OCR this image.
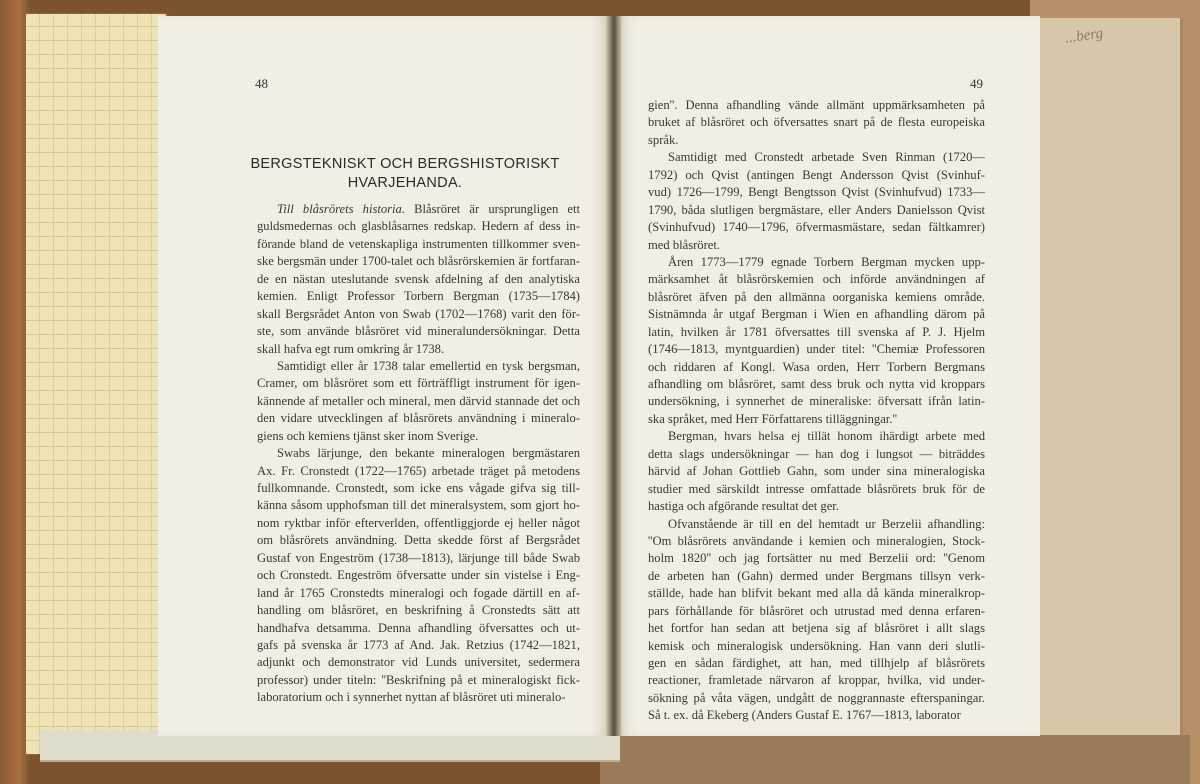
...berg
48	49
BERGSTEKNISKT OCH BERGSHISTORISKT
HVARJEHANDA.
Till blåsrörets historia. Blåsröret är ursprungligen ett
guldsmedernas och glasblåsarnes redskap. Hedern af dess in-
förande bland de vetenskapliga instrumenten tillkommer sven-
ske bergsmän under 1700-talet och blåsrörskemien är fortfaran-
de en nästan uteslutande svensk afdelning af den analytiska
kemien. Enligt Professor Torbern Bergman (1735—1784)
skall Bergsrådet Anton von Swab (1702—1768) varit den för-
ste, som använde blåsröret vid mineralundersökningar. Detta
skall hafva egt rum omkring år 1738.
Samtidigt eller år 1738 talar emellertid en tysk bergsman,
Cramer, om blåsröret som ett förträffligt instrument för igen-
kännende af metaller och mineral, men därvid stannade det och
den vidare utvecklingen af blåsrörets användning i mineralo-
giens och kemiens tjänst sker inom Sverige.
Swabs lärjunge, den bekante mineralogen bergmästaren
Ax. Fr. Cronstedt (1722—1765) arbetade träget på metodens
fullkomnande. Cronstedt, som icke ens vågade gifva sig till-
känna såsom upphofsman till det mineralsystem, som gjort ho-
nom ryktbar inför efterverlden, offentliggjorde ej heller något
om blåsrörets användning. Detta skedde först af Bergsrådet
Gustaf von Engeström (1738—1813), lärjunge till både Swab
och Cronstedt. Engeström öfversatte under sin vistelse i Eng-
land år 1765 Cronstedts mineralogi och fogade därtill en af-
handling om blåsröret, en beskrifning å Cronstedts sätt att
handhafva detsamma. Denna afhandling öfversattes och ut-
gafs på svenska år 1773 af And. Jak. Retzius (1742—1821,
adjunkt och demonstrator vid Lunds universitet, sedermera
professor) under titeln: ''Beskrifning på et mineralogiskt fick-
laboratorium och i synnerhet nyttan af blåsröret uti mineralo-
gien''. Denna afhandling vände allmänt uppmärksamheten på
bruket af blåsröret och öfversattes snart på de flesta europeiska
språk.
Samtidigt med Cronstedt arbetade Sven Rinman (1720—
1792) och Qvist (antingen Bengt Andersson Qvist (Svinhuf-
vud) 1726—1799, Bengt Bengtsson Qvist (Svinhufvud) 1733—
1790, båda slutligen bergmästare, eller Anders Danielsson Qvist
(Svinhufvud) 1740—1796, öfvermasmästare, sedan fältkamrer)
med blåsröret.
Åren 1773—1779 egnade Torbern Bergman mycken upp-
märksamhet åt blåsrörskemien och införde användningen af
blåsröret äfven på den allmänna oorganiska kemiens område.
Sistnämnda år utgaf Bergman i Wien en afhandling därom på
latin, hvilken år 1781 öfversattes till svenska af P. J. Hjelm
(1746—1813, myntguardien) under titel: ''Chemiæ Professoren
och riddaren af Kongl. Wasa orden, Herr Torbern Bergmans
afhandling om blåsröret, samt dess bruk och nytta vid kroppars
undersökning, i synnerhet de mineraliske: öfversatt ifrån latin-
ska språket, med Herr Författarens tilläggningar.''
Bergman, hvars helsa ej tillät honom ihärdigt arbete med
detta slags undersökningar — han dog i lungsot — biträddes
härvid af Johan Gottlieb Gahn, som under sina mineralogiska
studier med särskildt intresse omfattade blåsrörets bruk för de
hastiga och afgörande resultat det ger.
Ofvanstående är till en del hemtadt ur Berzelii afhandling:
''Om blåsrörets användande i kemien och mineralogien, Stock-
holm 1820'' och jag fortsätter nu med Berzelii ord: ''Genom
de arbeten han (Gahn) dermed under Bergmans tillsyn verk-
ställde, hade han blifvit bekant med alla då kända mineralkrop-
pars förhållande för blåsröret och utrustad med denna erfaren-
het fortfor han sedan att betjena sig af blåsröret i allt slags
kemisk och mineralogisk undersökning. Han vann deri slutli-
gen en sådan färdighet, att han, med tillhjelp af blåsrörets
reactioner, framletade närvaron af kroppar, hvilka, vid under-
sökning på våta vägen, undgått de noggrannaste efterspaningar.
Så t. ex. då Ekeberg (Anders Gustaf E. 1767—1813, laborator
